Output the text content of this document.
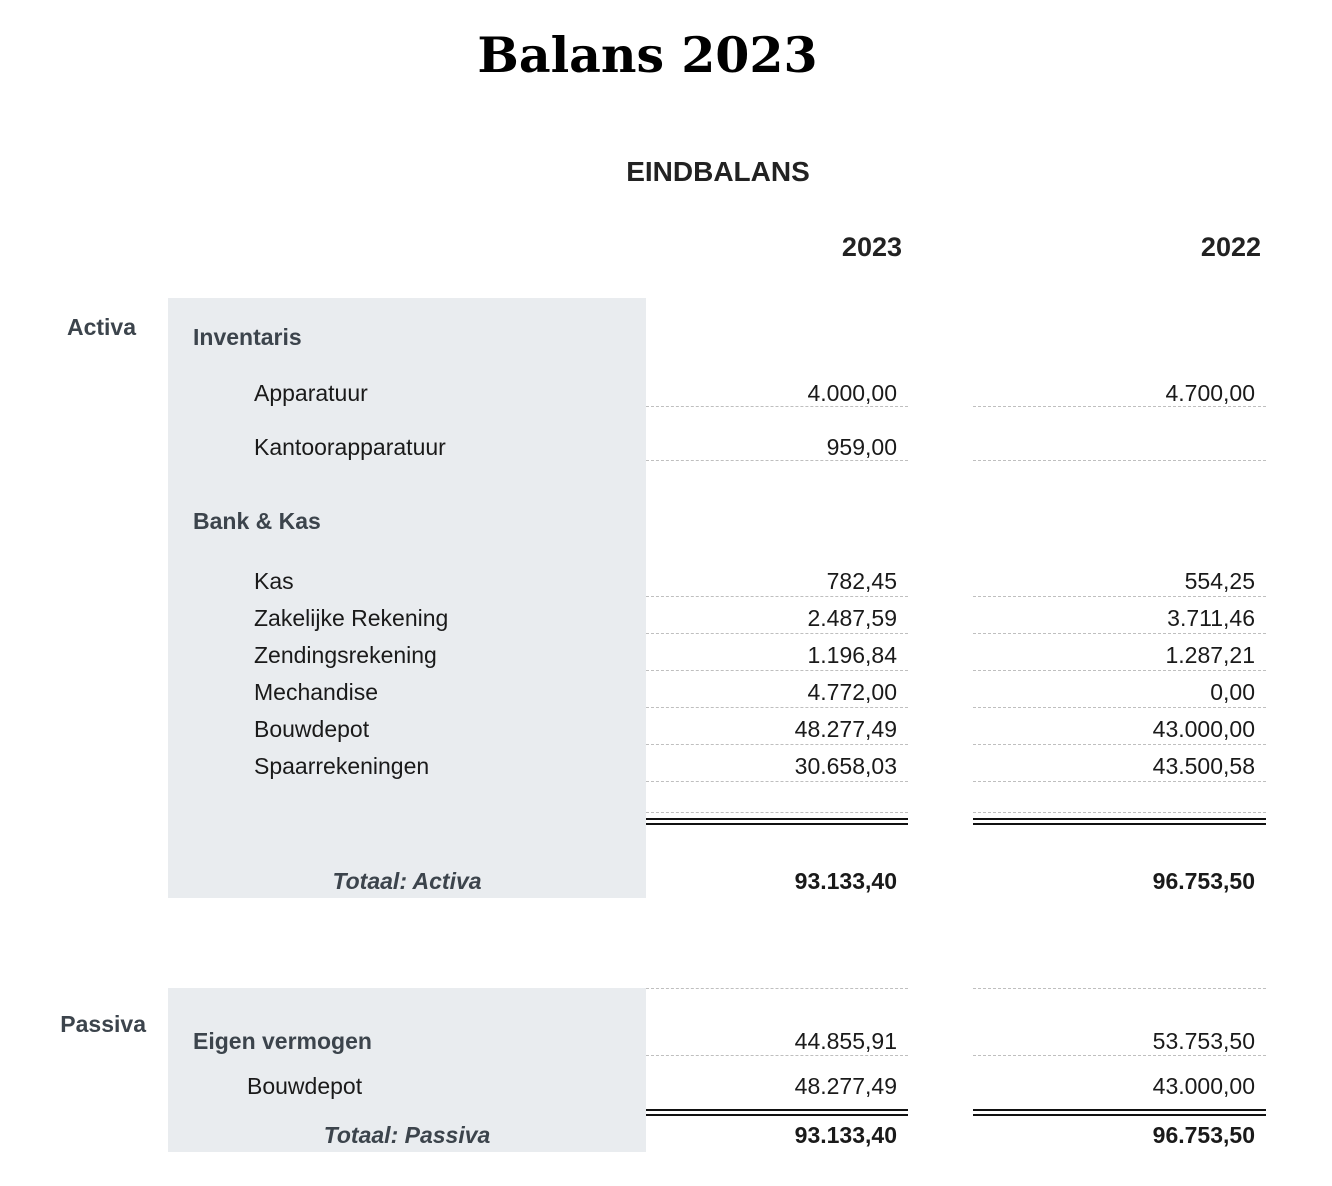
Balans 2023
EINDBALANS
2023	2022
Activa Inventaris
Apparatuur	4.000,00	4.700,00
Kantoorapparatuur	959,00
Bank & Kas
Kas	782,45	554,25
Zakelijke Rekening	2.487,59	3.711,46
Zendingsrekening	1.196,84	1.287,21
Mechandise	4.772,00	0,00
Bouwdepot	48.277,49	43.000,00
Spaarrekeningen	30.658,03	43.500,58
Totaal: Activa	93.133,40	96.753,50
Passiva
Eigen vermogen	44.855,91	53.753,50
Bouwdepot	48.277,49	43.000,00
Totaal: Passiva	93.133,40	96.753,50
